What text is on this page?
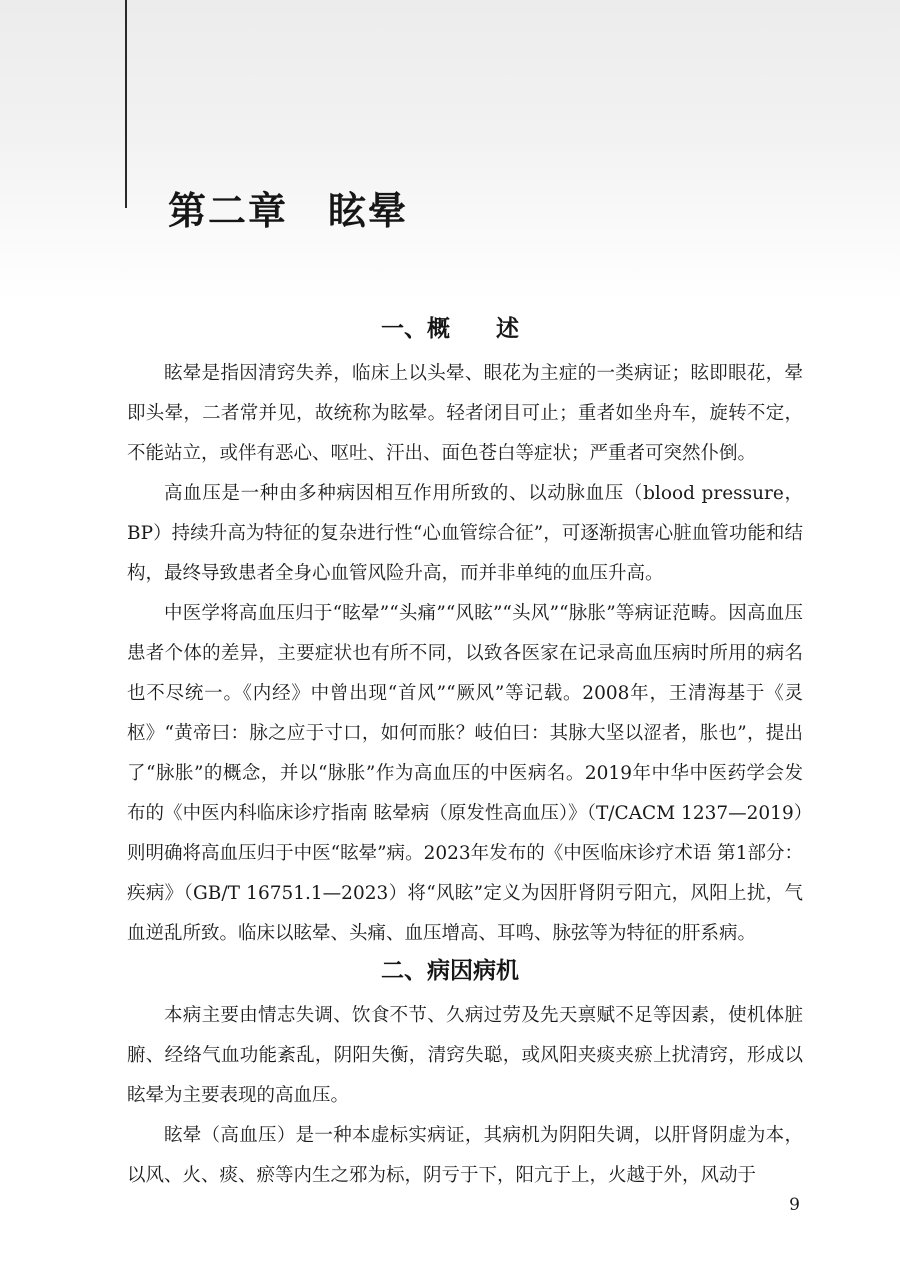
第二章　眩晕
一、概　　述

眩晕是指因清窍失养，临床上以头晕、眼花为主症的一类病证；眩即眼花，晕即头晕，二者常并见，故统称为眩晕。轻者闭目可止；重者如坐舟车，旋转不定，不能站立，或伴有恶心、呕吐、汗出、面色苍白等症状；严重者可突然仆倒。

高血压是一种由多种病因相互作用所致的、以动脉血压（blood pressure，BP）持续升高为特征的复杂进行性“心血管综合征”，可逐渐损害心脏血管功能和结构，最终导致患者全身心血管风险升高，而并非单纯的血压升高。

中医学将高血压归于“眩晕”“头痛”“风眩”“头风”“脉胀”等病证范畴。因高血压患者个体的差异，主要症状也有所不同，以致各医家在记录高血压病时所用的病名也不尽统一。《内经》中曾出现“首风”“厥风”等记载。2008年，王清海基于《灵枢》“黄帝曰：脉之应于寸口，如何而胀？岐伯曰：其脉大坚以涩者，胀也”，提出了“脉胀”的概念，并以“脉胀”作为高血压的中医病名。2019年中华中医药学会发布的《中医内科临床诊疗指南 眩晕病（原发性高血压）》（T/CACM 1237—2019）则明确将高血压归于中医“眩晕”病。2023年发布的《中医临床诊疗术语 第1部分：疾病》（GB/T 16751.1—2023）将“风眩”定义为因肝肾阴亏阳亢，风阳上扰，气血逆乱所致。临床以眩晕、头痛、血压增高、耳鸣、脉弦等为特征的肝系病。

二、病因病机

本病主要由情志失调、饮食不节、久病过劳及先天禀赋不足等因素，使机体脏腑、经络气血功能紊乱，阴阳失衡，清窍失聪，或风阳夹痰夹瘀上扰清窍，形成以眩晕为主要表现的高血压。

眩晕（高血压）是一种本虚标实病证，其病机为阴阳失调，以肝肾阴虚为本，以风、火、痰、瘀等内生之邪为标，阴亏于下，阳亢于上，火越于外，风动于

9
